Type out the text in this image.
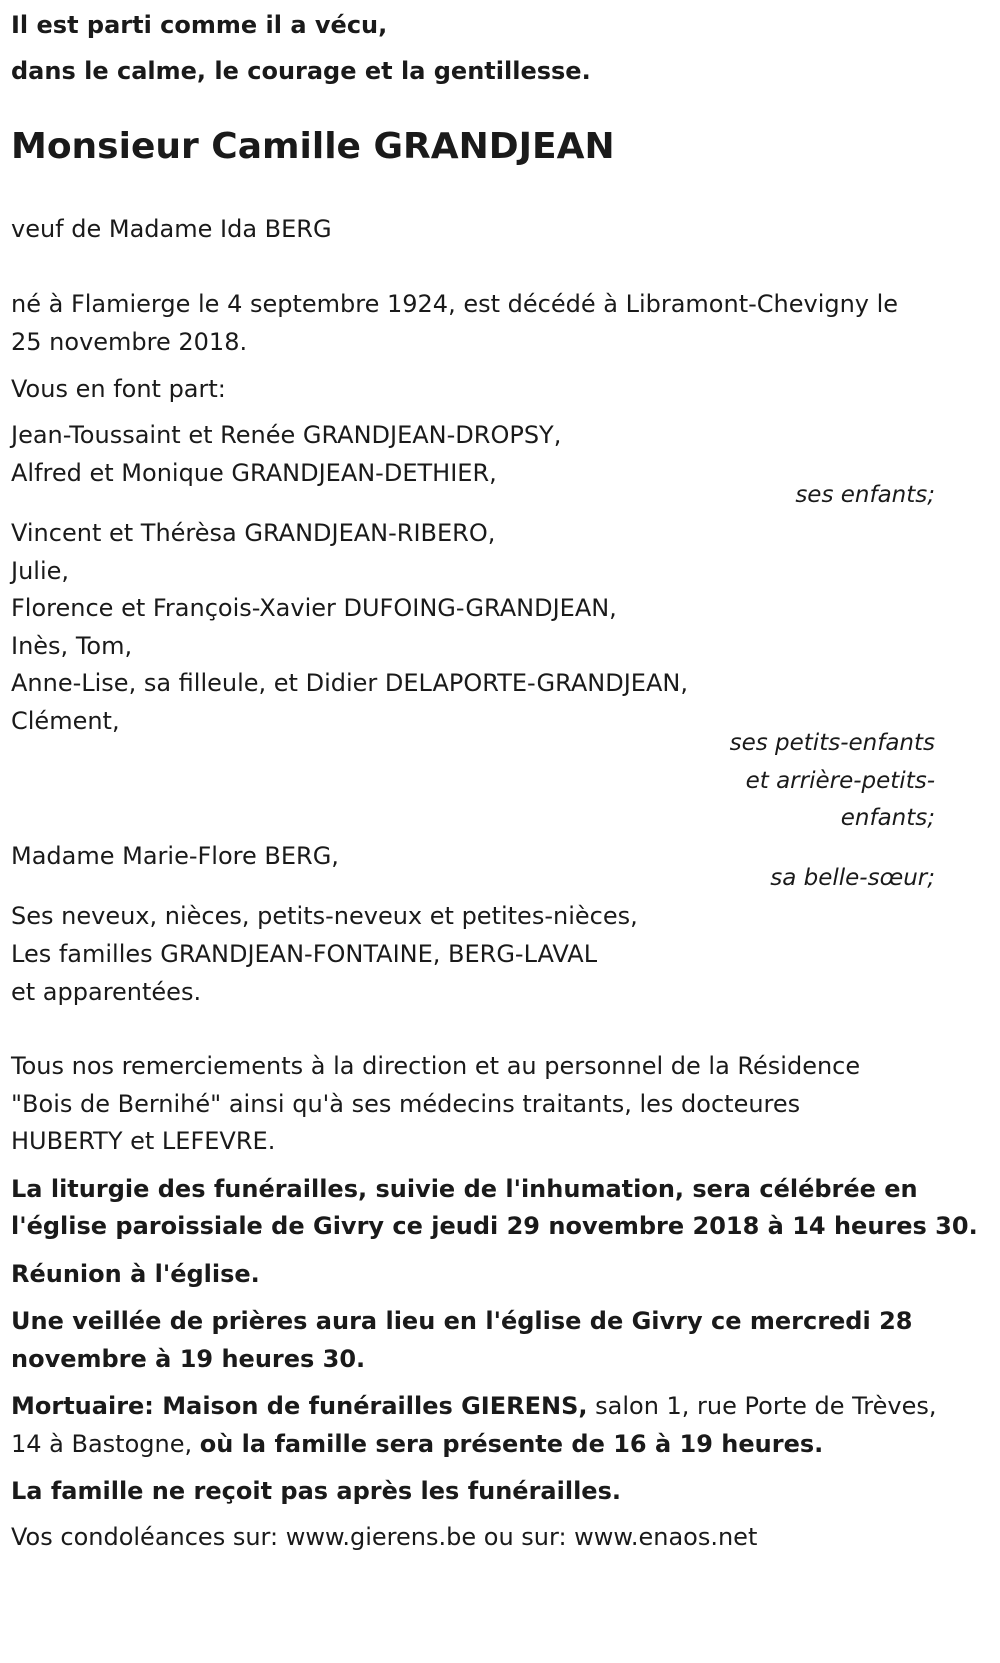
Il est parti comme il a vécu,
dans le calme, le courage et la gentillesse.
Monsieur Camille GRANDJEAN
veuf de Madame Ida BERG
né à Flamierge le 4 septembre 1924, est décédé à Libramont-Chevigny le
25 novembre 2018.
Vous en font part:
Jean-Toussaint et Renée GRANDJEAN-DROPSY,
Alfred et Monique GRANDJEAN-DETHIER,
ses enfants;
Vincent et Thérèsa GRANDJEAN-RIBERO,
Julie,
Florence et François-Xavier DUFOING-GRANDJEAN,
Inès, Tom,
Anne-Lise, sa filleule, et Didier DELAPORTE-GRANDJEAN,
Clément,
ses petits-enfants
et arrière-petits-
enfants;
Madame Marie-Flore BERG,
sa belle-sœur;
Ses neveux, nièces, petits-neveux et petites-nièces,
Les familles GRANDJEAN-FONTAINE, BERG-LAVAL
et apparentées.
Tous nos remerciements à la direction et au personnel de la Résidence
"Bois de Bernihé" ainsi qu'à ses médecins traitants, les docteures
HUBERTY et LEFEVRE.
La liturgie des funérailles, suivie de l'inhumation, sera célébrée en
l'église paroissiale de Givry ce jeudi 29 novembre 2018 à 14 heures 30.
Réunion à l'église.
Une veillée de prières aura lieu en l'église de Givry ce mercredi 28
novembre à 19 heures 30.
Mortuaire: Maison de funérailles GIERENS, salon 1, rue Porte de Trèves,
14 à Bastogne, où la famille sera présente de 16 à 19 heures.
La famille ne reçoit pas après les funérailles.
Vos condoléances sur: www.gierens.be ou sur: www.enaos.net
